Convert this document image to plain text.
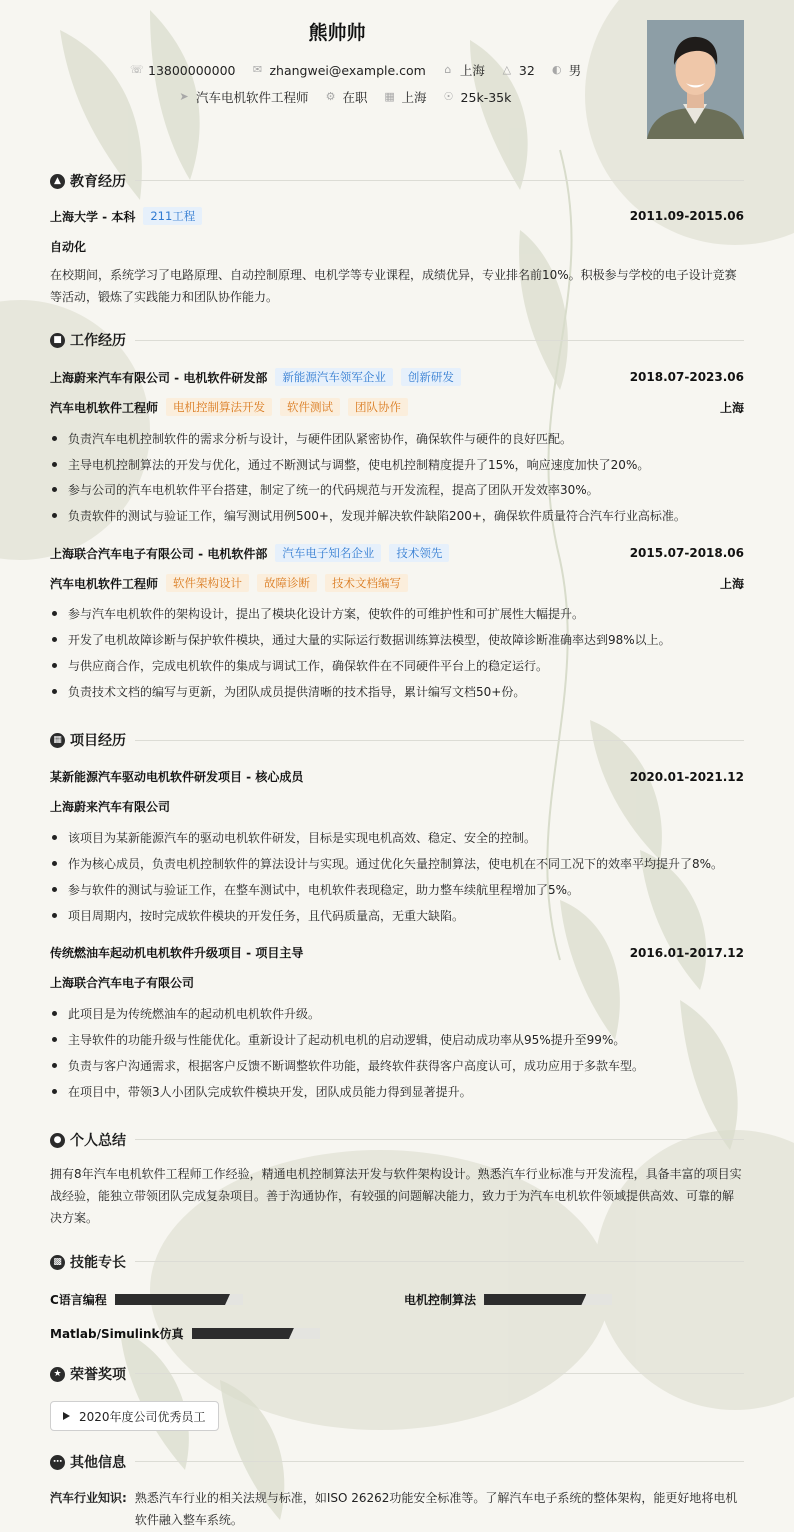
熊帅帅
☏ 13800000000 ✉ zhangwei@example.com ⌂ 上海 △ 32 ◐ 男
➤ 汽车电机软件工程师 ⚙ 在职 ▦ 上海 ☉ 25k-35k
▲ 教育经历
上海大学 - 本科	211工程	2011.09-2015.06
自动化
在校期间，系统学习了电路原理、自动控制原理、电机学等专业课程，成绩优异，专业排名前10%。积极参与学校的电子设计竞赛等活动，锻炼了实践能力和团队协作能力。
■ 工作经历
上海蔚来汽车有限公司 - 电机软件研发部	新能源汽车领军企业	创新研发	2018.07-2023.06
汽车电机软件工程师	电机控制算法开发	软件测试	团队协作	上海
负责汽车电机控制软件的需求分析与设计，与硬件团队紧密协作，确保软件与硬件的良好匹配。
主导电机控制算法的开发与优化，通过不断测试与调整，使电机控制精度提升了15%，响应速度加快了20%。
参与公司的汽车电机软件平台搭建，制定了统一的代码规范与开发流程，提高了团队开发效率30%。
负责软件的测试与验证工作，编写测试用例500+，发现并解决软件缺陷200+，确保软件质量符合汽车行业高标准。
上海联合汽车电子有限公司 - 电机软件部	汽车电子知名企业	技术领先	2015.07-2018.06
汽车电机软件工程师	软件架构设计	故障诊断	技术文档编写	上海
参与汽车电机软件的架构设计，提出了模块化设计方案，使软件的可维护性和可扩展性大幅提升。
开发了电机故障诊断与保护软件模块，通过大量的实际运行数据训练算法模型，使故障诊断准确率达到98%以上。
与供应商合作，完成电机软件的集成与调试工作，确保软件在不同硬件平台上的稳定运行。
负责技术文档的编写与更新，为团队成员提供清晰的技术指导，累计编写文档50+份。
▦ 项目经历
某新能源汽车驱动电机软件研发项目 - 核心成员	2020.01-2021.12
上海蔚来汽车有限公司
该项目为某新能源汽车的驱动电机软件研发，目标是实现电机高效、稳定、安全的控制。
作为核心成员，负责电机控制软件的算法设计与实现。通过优化矢量控制算法，使电机在不同工况下的效率平均提升了8%。
参与软件的测试与验证工作，在整车测试中，电机软件表现稳定，助力整车续航里程增加了5%。
项目周期内，按时完成软件模块的开发任务，且代码质量高，无重大缺陷。
传统燃油车起动机电机软件升级项目 - 项目主导	2016.01-2017.12
上海联合汽车电子有限公司
此项目是为传统燃油车的起动机电机软件升级。
主导软件的功能升级与性能优化。重新设计了起动机电机的启动逻辑，使启动成功率从95%提升至99%。
负责与客户沟通需求，根据客户反馈不断调整软件功能，最终软件获得客户高度认可，成功应用于多款车型。
在项目中，带领3人小团队完成软件模块开发，团队成员能力得到显著提升。
● 个人总结
拥有8年汽车电机软件工程师工作经验，精通电机控制算法开发与软件架构设计。熟悉汽车行业标准与开发流程，具备丰富的项目实战经验，能独立带领团队完成复杂项目。善于沟通协作，有较强的问题解决能力，致力于为汽车电机软件领域提供高效、可靠的解决方案。
▩ 技能专长
C语言编程	电机控制算法
Matlab/Simulink仿真
★ 荣誉奖项
2020年度公司优秀员工
⋯ 其他信息
汽车行业知识: 熟悉汽车行业的相关法规与标准，如ISO 26262功能安全标准等。了解汽车电子系统的整体架构，能更好地将电机软件融入整车系统。
